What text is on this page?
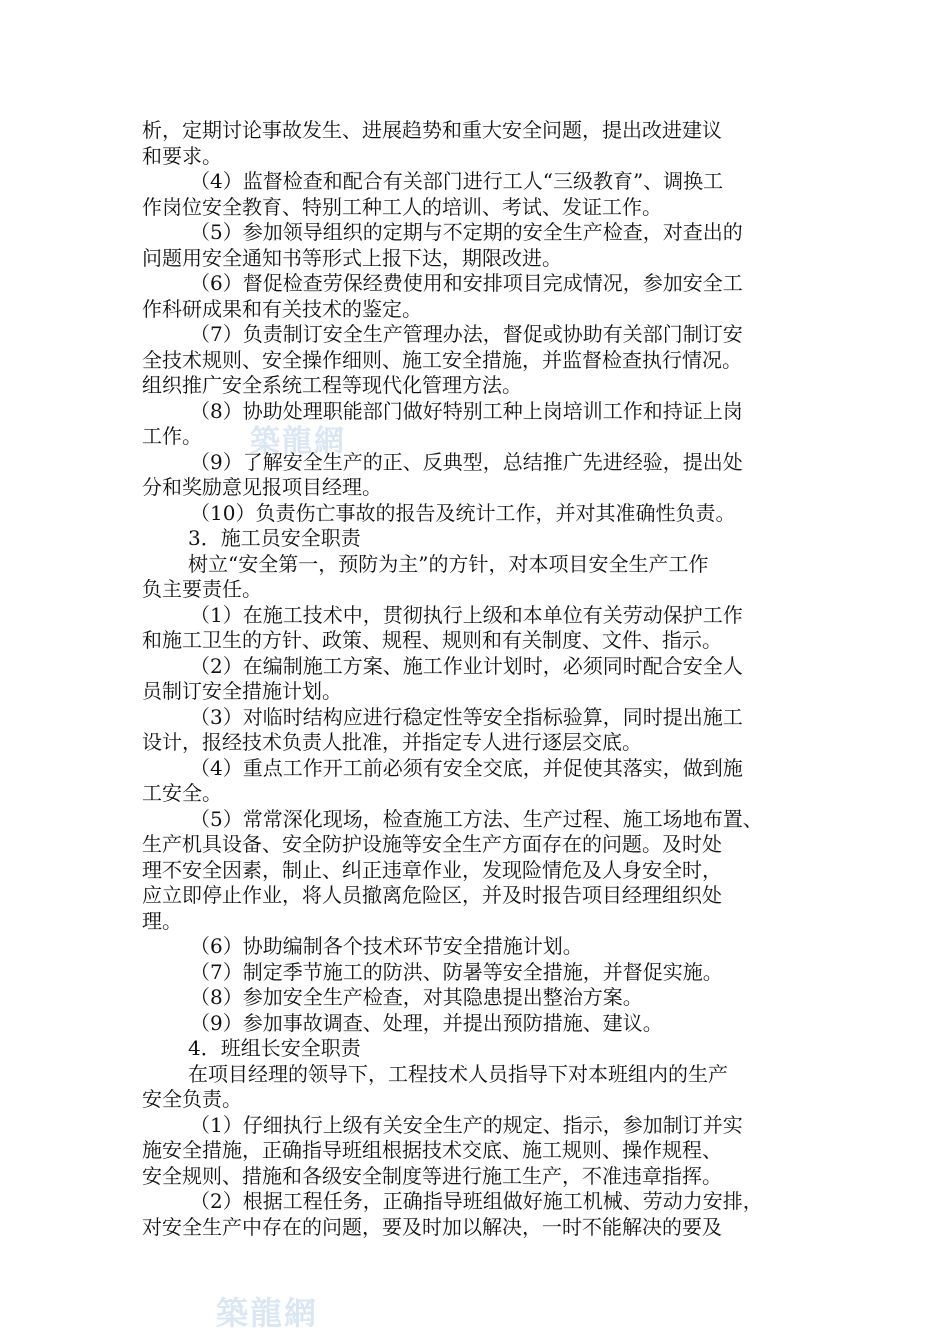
築龍網
析，定期讨论事故发生、进展趋势和重大安全问题，提出改进建议
和要求。
（4）监督检查和配合有关部门进行工人“三级教育”、调换工
作岗位安全教育、特别工种工人的培训、考试、发证工作。
（5）参加领导组织的定期与不定期的安全生产检查，对查出的
问题用安全通知书等形式上报下达，期限改进。
（6）督促检查劳保经费使用和安排项目完成情况，参加安全工
作科研成果和有关技术的鉴定。
（7）负责制订安全生产管理办法，督促或协助有关部门制订安
全技术规则、安全操作细则、施工安全措施，并监督检查执行情况。
组织推广安全系统工程等现代化管理方法。
（8）协助处理职能部门做好特别工种上岗培训工作和持证上岗
工作。
（9）了解安全生产的正、反典型，总结推广先进经验，提出处
分和奖励意见报项目经理。
（10）负责伤亡事故的报告及统计工作，并对其准确性负责。
3．施工员安全职责
树立“安全第一，预防为主”的方针，对本项目安全生产工作
负主要责任。
（1）在施工技术中，贯彻执行上级和本单位有关劳动保护工作
和施工卫生的方针、政策、规程、规则和有关制度、文件、指示。
（2）在编制施工方案、施工作业计划时，必须同时配合安全人
员制订安全措施计划。
（3）对临时结构应进行稳定性等安全指标验算，同时提出施工
设计，报经技术负责人批准，并指定专人进行逐层交底。
（4）重点工作开工前必须有安全交底，并促使其落实，做到施
工安全。
（5）常常深化现场，检查施工方法、生产过程、施工场地布置、
生产机具设备、安全防护设施等安全生产方面存在的问题。及时处
理不安全因素，制止、纠正违章作业，发现险情危及人身安全时，
应立即停止作业，将人员撤离危险区，并及时报告项目经理组织处
理。
（6）协助编制各个技术环节安全措施计划。
（7）制定季节施工的防洪、防暑等安全措施，并督促实施。
（8）参加安全生产检查，对其隐患提出整治方案。
（9）参加事故调查、处理，并提出预防措施、建议。
4．班组长安全职责
在项目经理的领导下，工程技术人员指导下对本班组内的生产
安全负责。
（1）仔细执行上级有关安全生产的规定、指示，参加制订并实
施安全措施，正确指导班组根据技术交底、施工规则、操作规程、
安全规则、措施和各级安全制度等进行施工生产，不准违章指挥。
（2）根据工程任务，正确指导班组做好施工机械、劳动力安排，
对安全生产中存在的问题，要及时加以解决，一时不能解决的要及
築龍網
